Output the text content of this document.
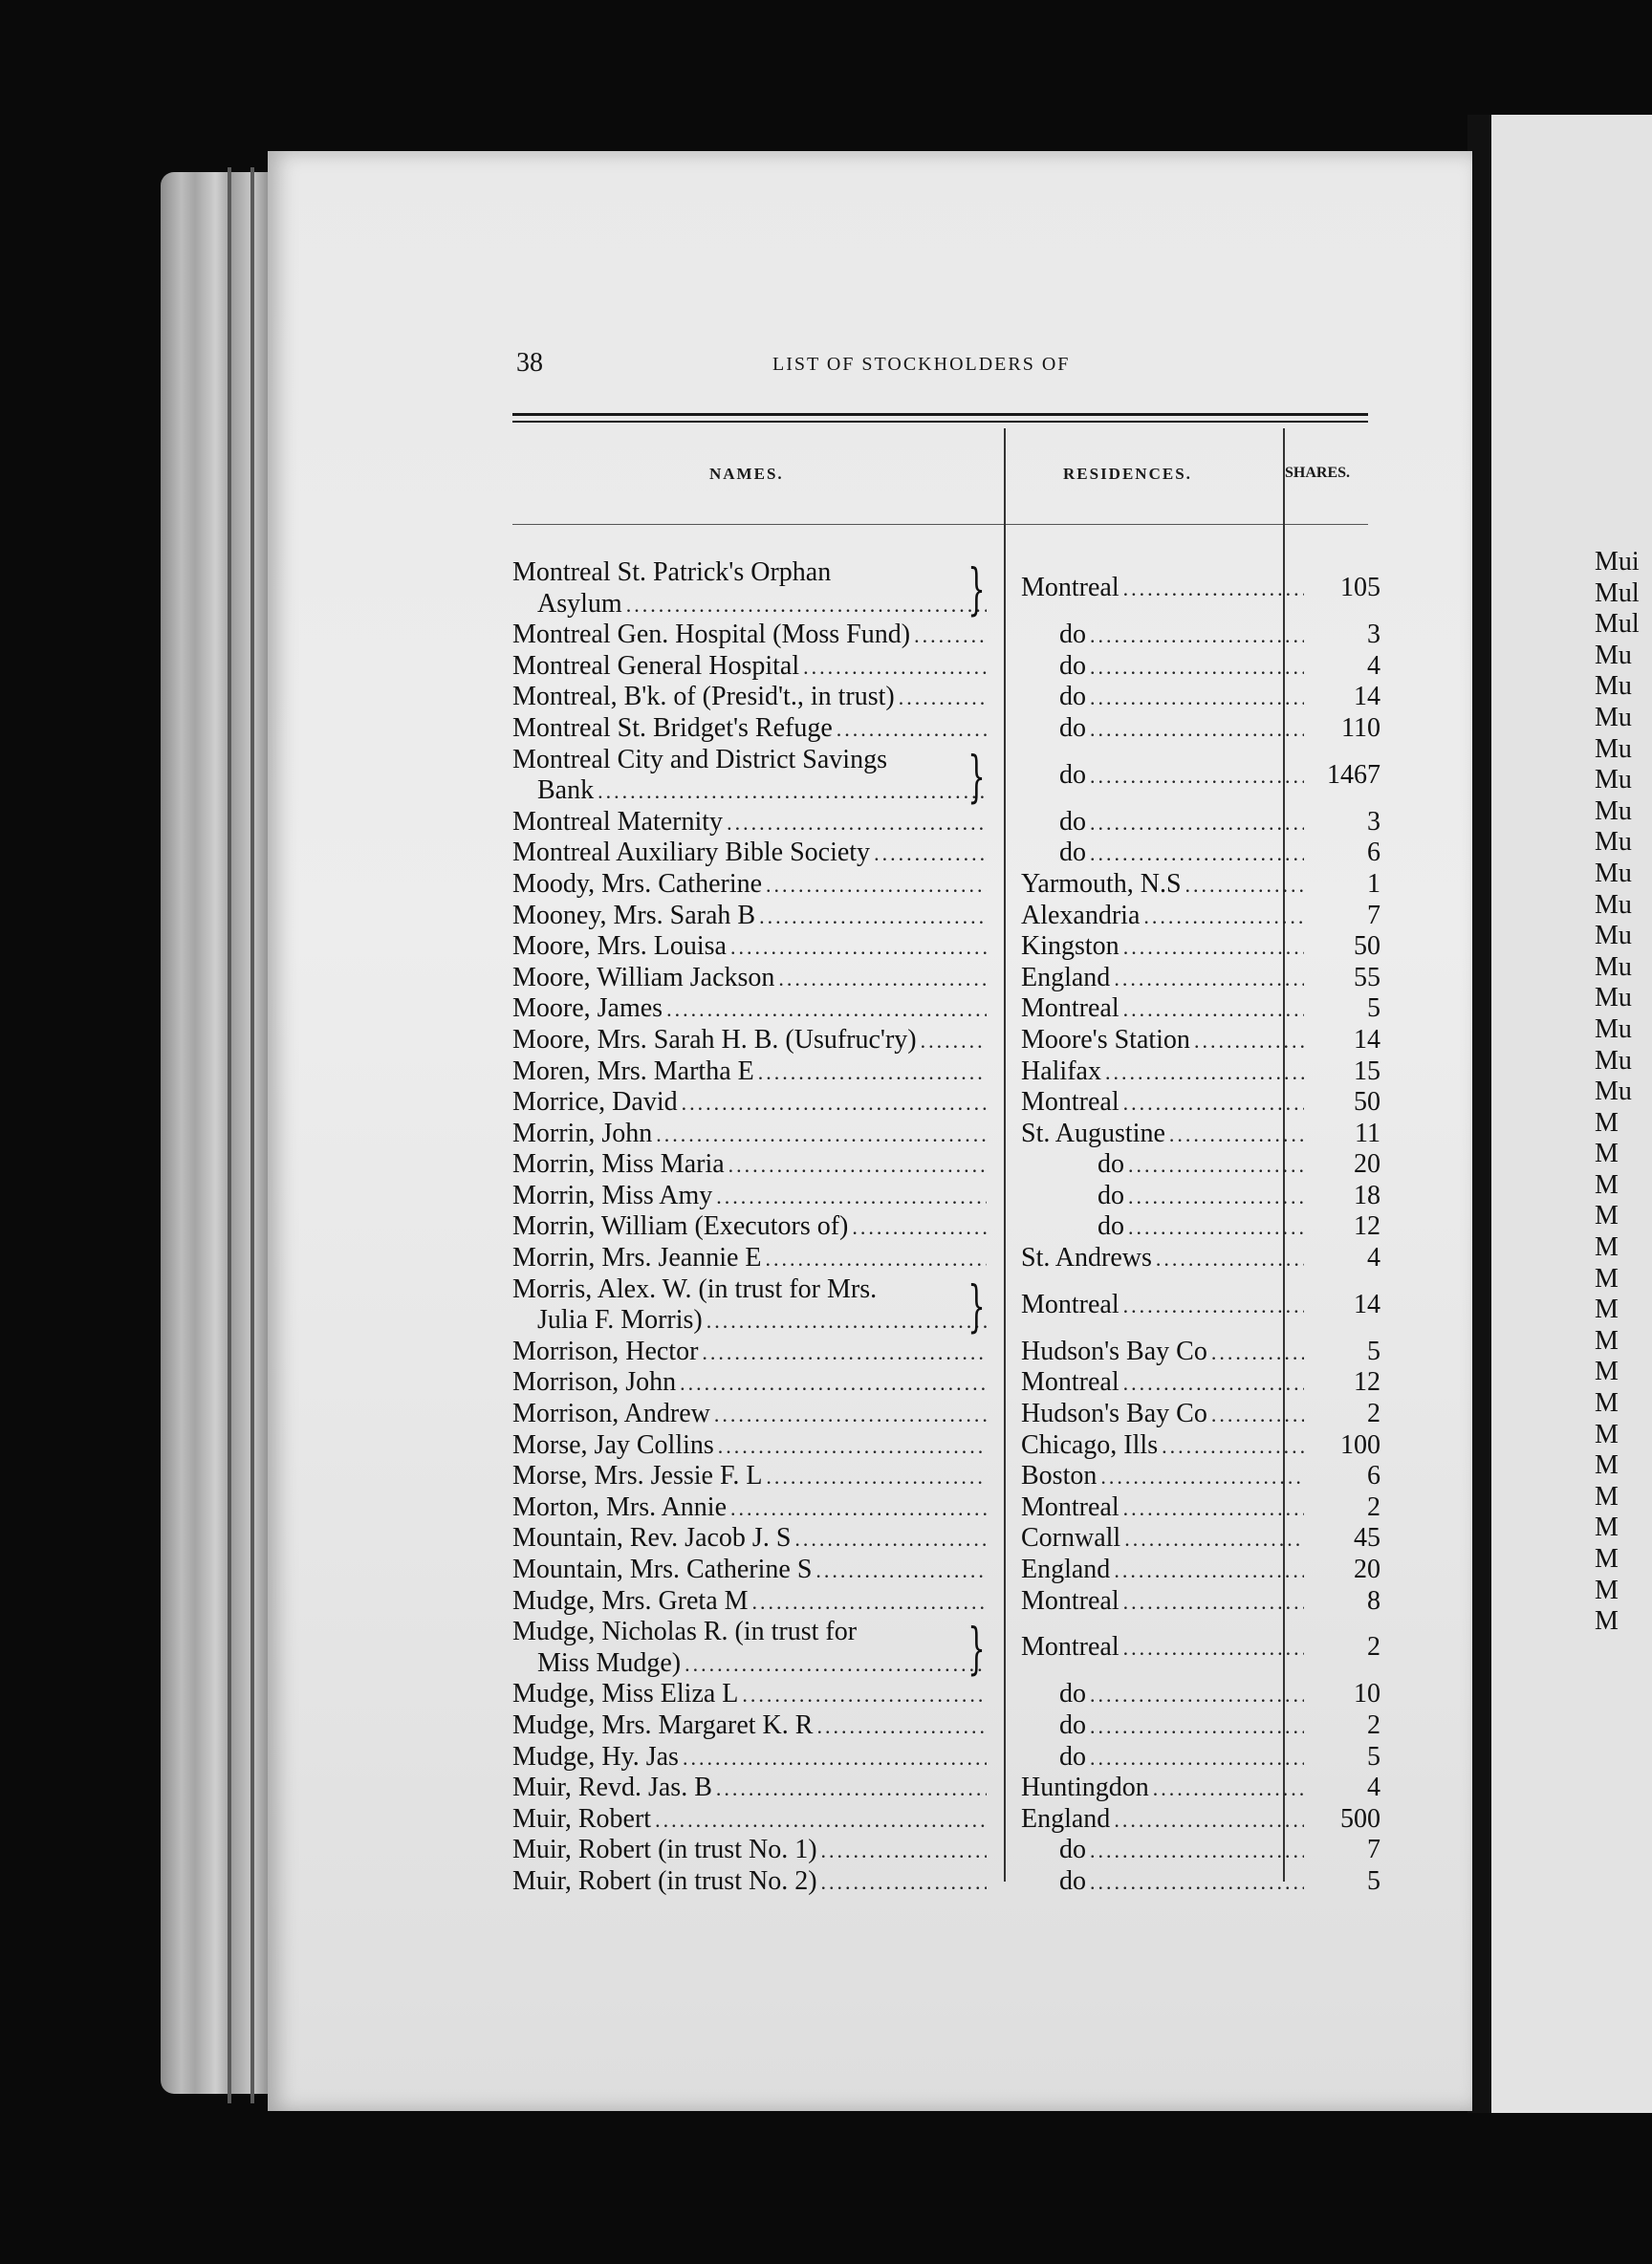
38	LIST OF STOCKHOLDERS OF
NAMES.	RESIDENCES.	SHARES.
Montreal St. Patrick's Orphan
Asylum .....	} Montreal .....	105
Montreal Gen. Hospital (Moss Fund) .....	do .....	3
Montreal General Hospital .....	do .....	4
Montreal, B'k. of (Presid't., in trust) .....	do .....	14
Montreal St. Bridget's Refuge .....	do .....	110
Montreal City and District Savings
Bank .....	}	do .....	1467
Montreal Maternity .....	do .....	3
Montreal Auxiliary Bible Society .....	do .....	6
Moody, Mrs. Catherine .....	Yarmouth, N.S .....	1
Mooney, Mrs. Sarah B .....	Alexandria .....	7
Moore, Mrs. Louisa .....	Kingston .....	50
Moore, William Jackson .....	England .....	55
Moore, James .....	Montreal .....	5
Moore, Mrs. Sarah H. B. (Usufruc'ry) .....	Moore's Station .....	14
Moren, Mrs. Martha E .....	Halifax .....	15
Morrice, David .....	Montreal .....	50
Morrin, John .....	St. Augustine .....	11
Morrin, Miss Maria .....	do .....	20
Morrin, Miss Amy .....	do .....	18
Morrin, William (Executors of) .....	do .....	12
Morrin, Mrs. Jeannie E .....	St. Andrews .....	4
Morris, Alex. W. (in trust for Mrs.
Julia F. Morris) .....	} Montreal .....	14
Morrison, Hector .....	Hudson's Bay Co .....	5
Morrison, John .....	Montreal .....	12
Morrison, Andrew .....	Hudson's Bay Co .....	2
Morse, Jay Collins .....	Chicago, Ills .....	100
Morse, Mrs. Jessie F. L .....	Boston .....	6
Morton, Mrs. Annie .....	Montreal .....	2
Mountain, Rev. Jacob J. S .....	Cornwall .....	45
Mountain, Mrs. Catherine S .....	England .....	20
Mudge, Mrs. Greta M .....	Montreal .....	8
Mudge, Nicholas R. (in trust for
Miss Mudge) .....	} Montreal .....	2
Mudge, Miss Eliza L .....	do .....	10
Mudge, Mrs. Margaret K. R .....	do .....	2
Mudge, Hy. Jas .....	do .....	5
Muir, Revd. Jas. B .....	Huntingdon .....	4
Muir, Robert .....	England .....	500
Muir, Robert (in trust No. 1) .....	do .....	7
Muir, Robert (in trust No. 2) .....	do .....	5
Mui
Mul
Mul
Mu
Mu
Mu
Mu
Mu
Mu
Mu
Mu
Mu
Mu
Mu
Mu
Mu
Mu
Mu
M
M
M
M
M
M
M
M
M
M
M
M
M
M
M
M
M
